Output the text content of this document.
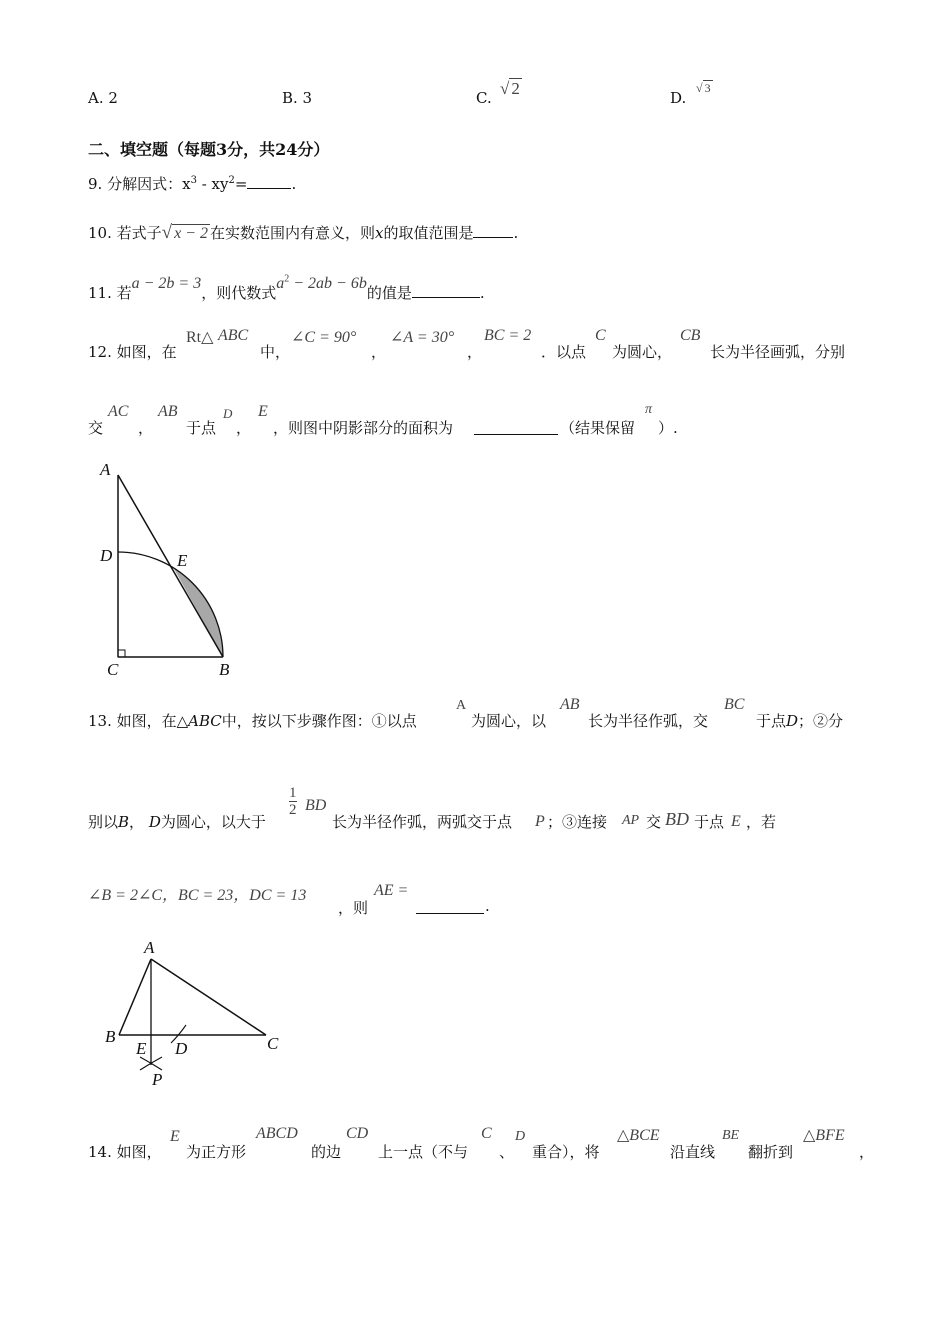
A. 2	B. 3	C. √ 2	D.
√ 3
二、填空题（每题3分，共24分）
9. 分解因式：$x^3 - xy^2=$	.
10. 若式子√ x − 2 在实数范围内有意义，则x的取值范围是	.
11. 若a − 2b = 3，则代数式$a^2 - 2ab - 6b$的值是	.
12. 如图，在
Rt△ ABC
中，
∠C = 90°
，
∠A = 30°
，
BC = 2
．以点
C
为圆心，
CB
长为半径画弧，分别
交
AC
，
AB
于点
D
，
E
，则图中阴影部分的面积为	（结果保留
π
）.
A
D	E
C	B
13. 如图，在△ABC中，按以下步骤作图：①以点
A
为圆心，以
AB
长为半径作弧，交
BC
于点D；②分
别以B， D为圆心，以大于
$\frac{1}{2}$ BD
长为半径作弧，两弧交于点 P ；③连接 AP 交 BD 于点 E ，若
∠B = 2∠C，BC = 23，DC = 13
，则
AE =
.
A
B
E D	C
P
14. 如图，
E
为正方形
ABCD
的边
CD
上一点（不与
C
、
D
重合），将
△BCE
沿直线
BE
翻折到
△BFE
，
